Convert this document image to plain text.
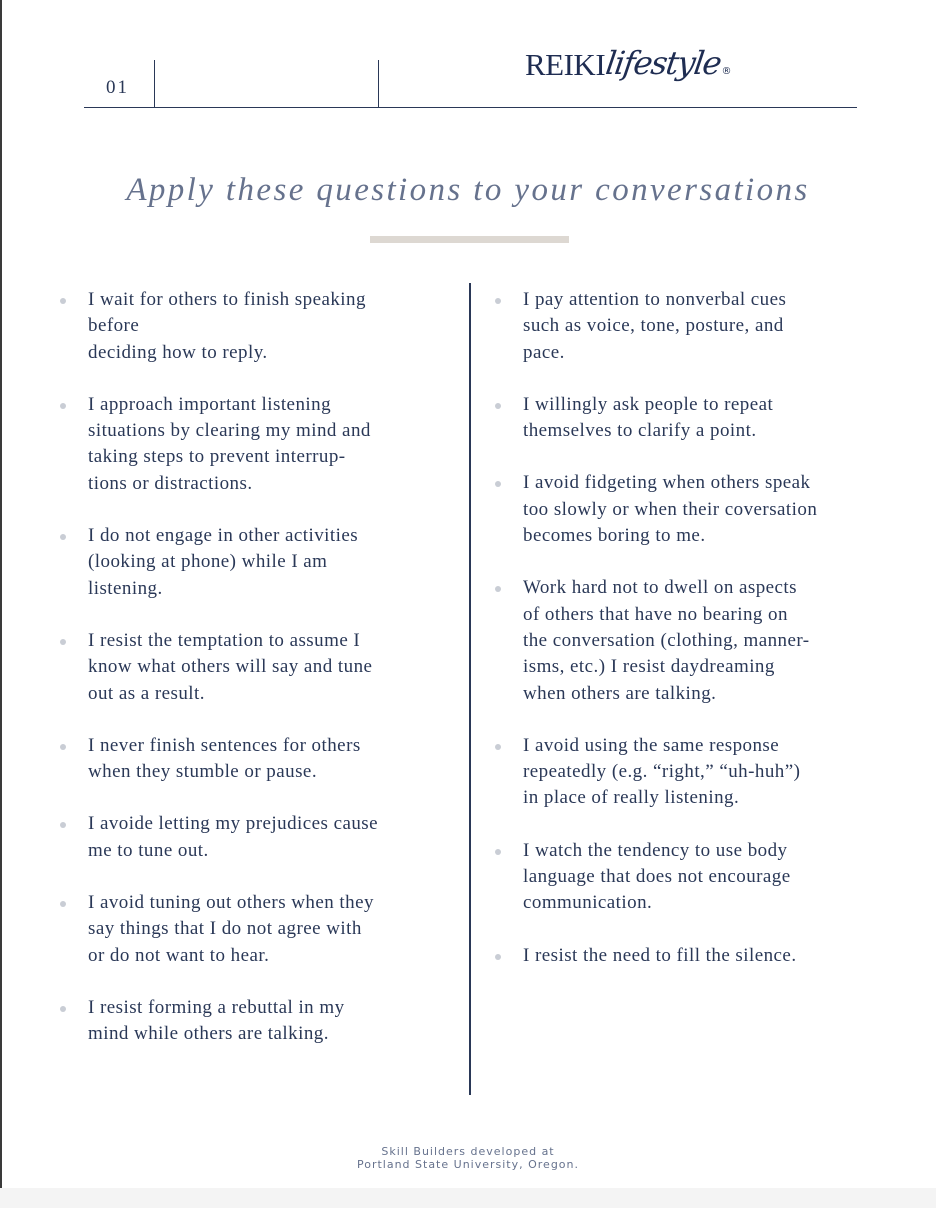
01
REIKI
lifestyle
®
Apply these questions to your conversations
I wait for others to finish speaking
before
deciding how to reply.
I approach important listening
situations by clearing my mind and
taking steps to prevent interrup-
tions or distractions.
I do not engage in other activities
(looking at phone) while I am
listening.
I resist the temptation to assume I
know what others will say and tune
out as a result.
I never finish sentences for others
when they stumble or pause.
I avoide letting my prejudices cause
me to tune out.
I avoid tuning out others when they
say things that I do not agree with
or do not want to hear.
I resist forming a rebuttal in my
mind while others are talking.
I pay attention to nonverbal cues
such as voice, tone, posture, and
pace.
I willingly ask people to repeat
themselves to clarify a point.
I avoid fidgeting when others speak
too slowly or when their coversation
becomes boring to me.
Work hard not to dwell on aspects
of others that have no bearing on
the conversation (clothing, manner-
isms, etc.) I resist daydreaming
when others are talking.
I avoid using the same response
repeatedly (e.g. “right,” “uh-huh”)
in place of really listening.
I watch the tendency to use body
language that does not encourage
communication.
I resist the need to fill the silence.
Skill Builders developed at
Portland State University, Oregon.
